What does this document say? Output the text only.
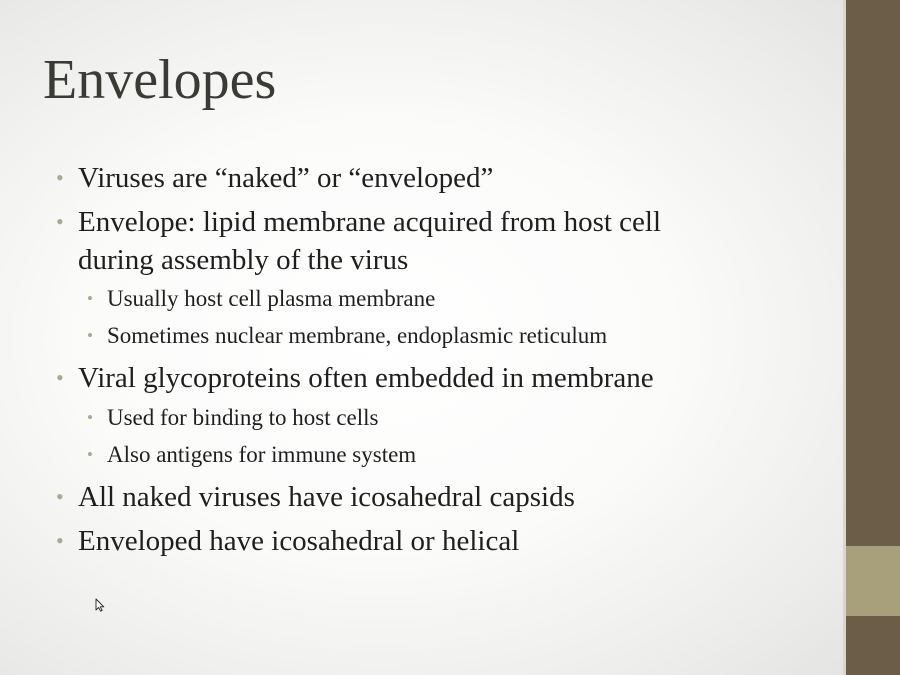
Envelopes
• Viruses are “naked” or “enveloped”
• Envelope: lipid membrane acquired from host cell
during assembly of the virus
• Usually host cell plasma membrane
• Sometimes nuclear membrane, endoplasmic reticulum
• Viral glycoproteins often embedded in membrane
• Used for binding to host cells
• Also antigens for immune system
• All naked viruses have icosahedral capsids
• Enveloped have icosahedral or helical
